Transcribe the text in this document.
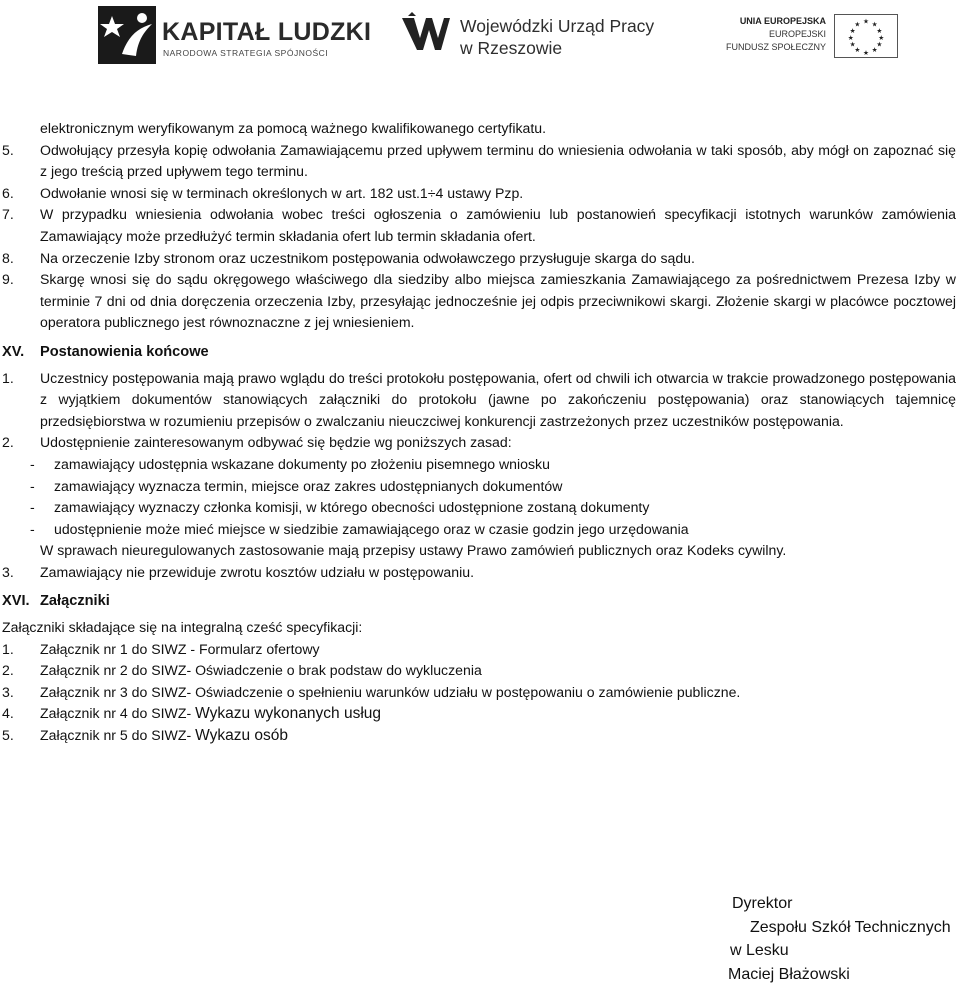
KAPITAŁ LUDZKI
NARODOWA STRATEGIA SPÓJNOŚCI
Wojewódzki Urząd Pracy
w Rzeszowie
UNIA EUROPEJSKA
EUROPEJSKI
FUNDUSZ SPOŁECZNY
★ ★
★
★
★
★
★
★
★
★
★
★
elektronicznym weryfikowanym za pomocą ważnego kwalifikowanego certyfikatu.
5.	Odwołujący przesyła kopię odwołania Zamawiającemu przed upływem terminu do wniesienia odwołania w taki sposób, aby mógł on zapoznać się z jego treścią przed upływem tego terminu.
6.	Odwołanie wnosi się w terminach określonych w art. 182 ust.1÷4 ustawy Pzp.
7.	W przypadku wniesienia odwołania wobec treści ogłoszenia o zamówieniu lub postanowień specyfikacji istotnych warunków zamówienia Zamawiający może przedłużyć termin składania ofert lub termin składania ofert.
8.	Na orzeczenie Izby stronom oraz uczestnikom postępowania odwoławczego przysługuje skarga do sądu.
9.	Skargę wnosi się do sądu okręgowego właściwego dla siedziby albo miejsca zamieszkania Zamawiającego za pośrednictwem Prezesa Izby w terminie 7 dni od dnia doręczenia orzeczenia Izby, przesyłając jednocześnie jej odpis przeciwnikowi skargi. Złożenie skargi w placówce pocztowej operatora publicznego jest równoznaczne z jej wniesieniem.
XV. Postanowienia końcowe
1.	Uczestnicy postępowania mają prawo wglądu do treści protokołu postępowania, ofert od chwili ich otwarcia w trakcie prowadzonego postępowania z wyjątkiem dokumentów stanowiących załączniki do protokołu (jawne po zakończeniu postępowania) oraz stanowiących tajemnicę przedsiębiorstwa w rozumieniu przepisów o zwalczaniu nieuczciwej konkurencji zastrzeżonych przez uczestników postępowania.
2.	Udostępnienie zainteresowanym odbywać się będzie wg poniższych zasad:
-	zamawiający udostępnia wskazane dokumenty po złożeniu pisemnego wniosku
-	zamawiający wyznacza termin, miejsce oraz zakres udostępnianych dokumentów
-	zamawiający wyznaczy członka komisji, w którego obecności udostępnione zostaną dokumenty
-	udostępnienie może mieć miejsce w siedzibie zamawiającego oraz w czasie godzin jego urzędowania
W sprawach nieuregulowanych zastosowanie mają przepisy ustawy Prawo zamówień publicznych oraz Kodeks cywilny.
3.	Zamawiający nie przewiduje zwrotu kosztów udziału w postępowaniu.
XVI. Załączniki
Załączniki składające się na integralną cześć specyfikacji:
1.	Załącznik nr 1 do SIWZ - Formularz ofertowy
2.	Załącznik nr 2 do SIWZ- Oświadczenie o brak podstaw do wykluczenia
3.	Załącznik nr 3 do SIWZ- Oświadczenie o spełnieniu warunków udziału w postępowaniu o zamówienie publiczne.
4.	Załącznik nr 4 do SIWZ- Wykazu wykonanych usług
5.	Załącznik nr 5 do SIWZ- Wykazu osób
Dyrektor
Zespołu Szkół Technicznych
w Lesku
Maciej Błażowski
